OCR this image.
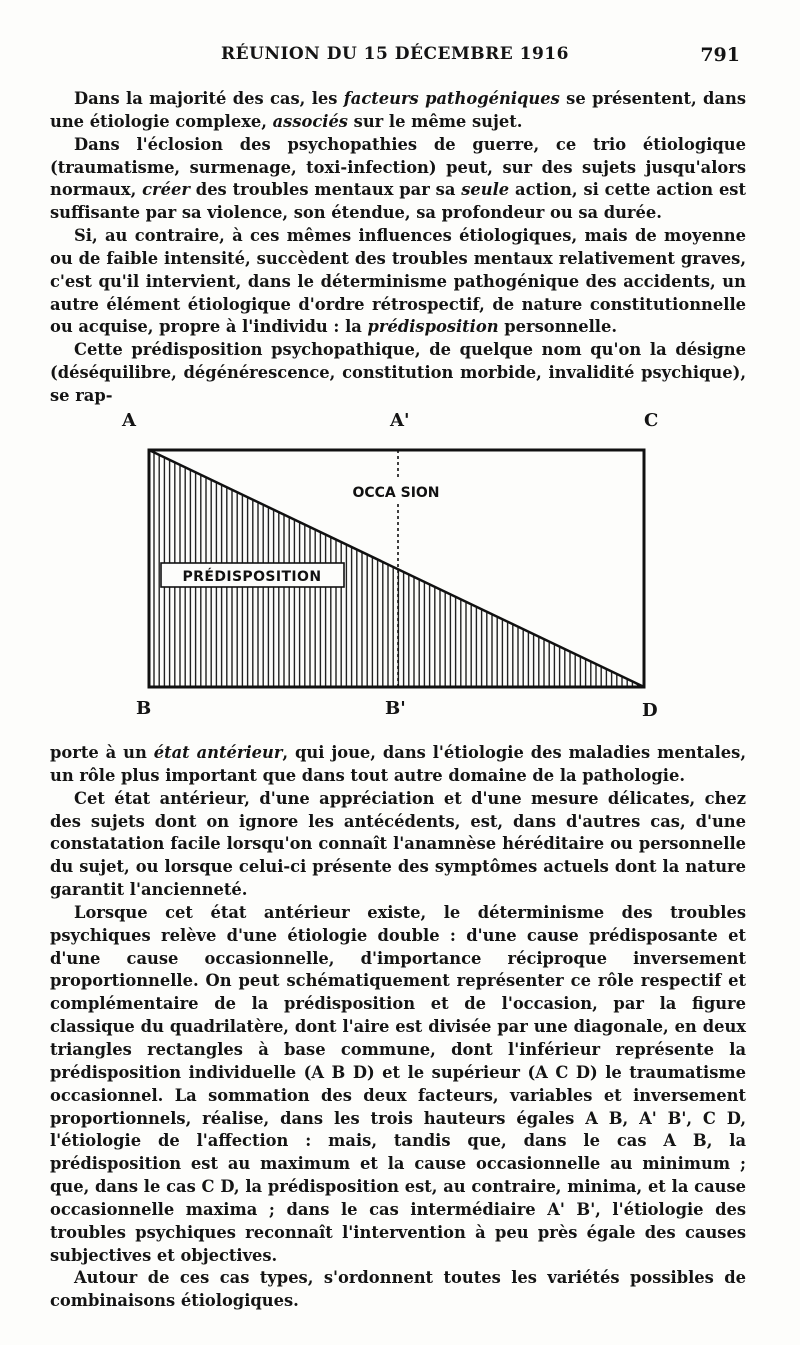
RÉUNION DU 15 DÉCEMBRE 1916	791

Dans la majorité des cas, les facteurs pathogéniques se présentent, dans une étiologie complexe, associés sur le même sujet.

Dans l'éclosion des psychopathies de guerre, ce trio étiologique (traumatisme, surmenage, toxi-infection) peut, sur des sujets jusqu'alors normaux, créer des troubles mentaux par sa seule action, si cette action est suffisante par sa violence, son étendue, sa profondeur ou sa durée.

Si, au contraire, à ces mêmes influences étiologiques, mais de moyenne ou de faible intensité, succèdent des troubles mentaux relativement graves, c'est qu'il intervient, dans le déterminisme pathogénique des accidents, un autre élément étiologique d'ordre rétrospectif, de nature constitutionnelle ou acquise, propre à l'individu : la prédisposition personnelle.

Cette prédisposition psychopathique, de quelque nom qu'on la désigne (déséquilibre, dégénérescence, constitution morbide, invalidité psychique), se rap-

A	A'	C
B	B'	D
PRÉDISPOSITION
OCCA SION

porte à un état antérieur, qui joue, dans l'étiologie des maladies mentales, un rôle plus important que dans tout autre domaine de la pathologie.

Cet état antérieur, d'une appréciation et d'une mesure délicates, chez des sujets dont on ignore les antécédents, est, dans d'autres cas, d'une constatation facile lorsqu'on connaît l'anamnèse héréditaire ou personnelle du sujet, ou lorsque celui-ci présente des symptômes actuels dont la nature garantit l'ancienneté.

Lorsque cet état antérieur existe, le déterminisme des troubles psychiques relève d'une étiologie double : d'une cause prédisposante et d'une cause occasionnelle, d'importance réciproque inversement proportionnelle. On peut schématiquement représenter ce rôle respectif et complémentaire de la prédisposition et de l'occasion, par la figure classique du quadrilatère, dont l'aire est divisée par une diagonale, en deux triangles rectangles à base commune, dont l'inférieur représente la prédisposition individuelle (A B D) et le supérieur (A C D) le traumatisme occasionnel. La sommation des deux facteurs, variables et inversement proportionnels, réalise, dans les trois hauteurs égales A B, A' B', C D, l'étiologie de l'affection : mais, tandis que, dans le cas A B, la prédisposition est au maximum et la cause occasionnelle au minimum ; que, dans le cas C D, la prédisposition est, au contraire, minima, et la cause occasionnelle maxima ; dans le cas intermédiaire A' B', l'étiologie des troubles psychiques reconnaît l'intervention à peu près égale des causes subjectives et objectives.

Autour de ces cas types, s'ordonnent toutes les variétés possibles de combinaisons étiologiques.
